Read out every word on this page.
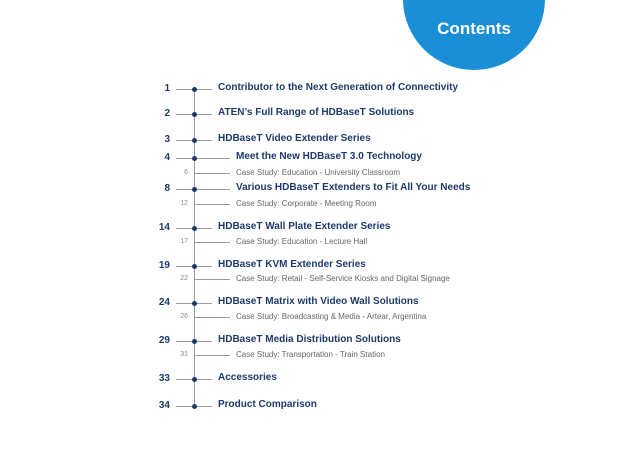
Contents
1	Contributor to the Next Generation of Connectivity
2	ATEN’s Full Range of HDBaseT Solutions
3	HDBaseT Video Extender Series
4	Meet the New HDBaseT 3.0 Technology
6	Case Study: Education - University Classroom
8	Various HDBaseT Extenders to Fit All Your Needs
12	Case Study: Corporate - Meeting Room
14	HDBaseT Wall Plate Extender Series
17	Case Study: Education - Lecture Hall
19	HDBaseT KVM Extender Series
22	Case Study: Retail - Self-Service Kiosks and Digital Signage
24	HDBaseT Matrix with Video Wall Solutions
26	Case Study: Broadcasting & Media - Artear, Argentina
29	HDBaseT Media Distribution Solutions
31	Case Study: Transportation - Train Station
33	Accessories
34	Product Comparison
